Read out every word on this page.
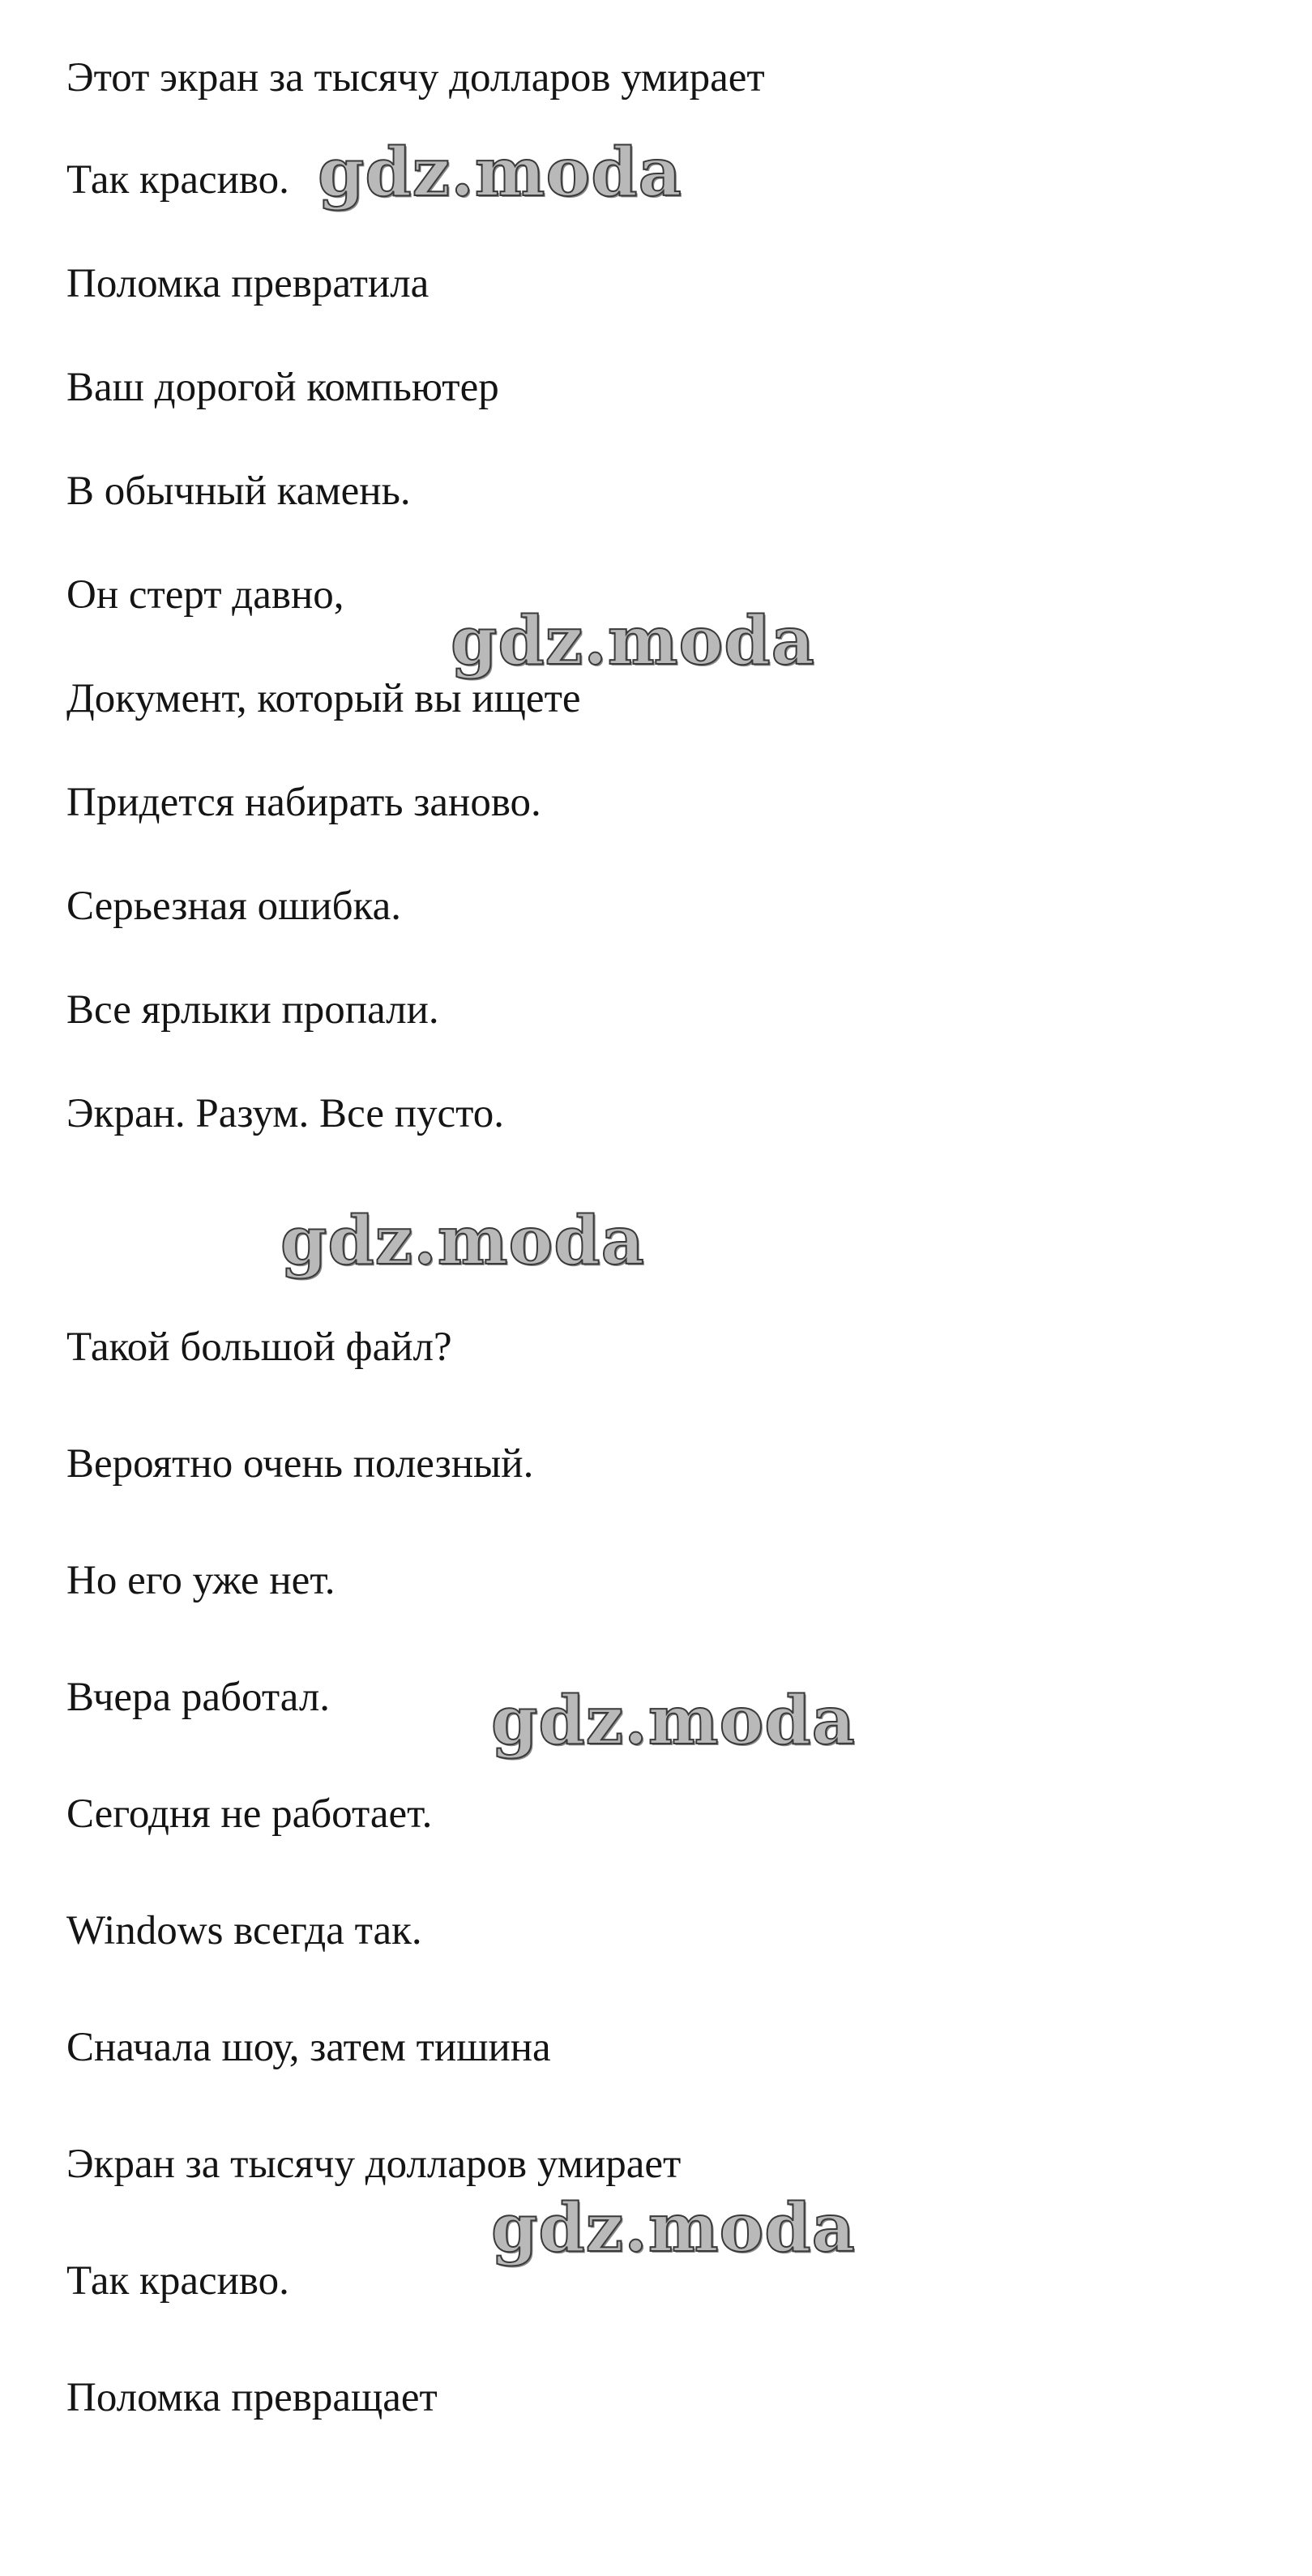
Этот экран за тысячу долларов умирает
Так красиво.
Поломка превратила
Ваш дорогой компьютер
В обычный камень.
Он стерт давно,
Документ, который вы ищете
Придется набирать заново.
Серьезная ошибка.
Все ярлыки пропали.
Экран. Разум. Все пусто.
Такой большой файл?
Вероятно очень полезный.
Но его уже нет.
Вчера работал.
Сегодня не работает.
Windows всегда так.
Сначала шоу, затем тишина
Экран за тысячу долларов умирает
Так красиво.
Поломка превращает
gdz.moda
gdz.moda
gdz.moda
gdz.moda
gdz.moda
